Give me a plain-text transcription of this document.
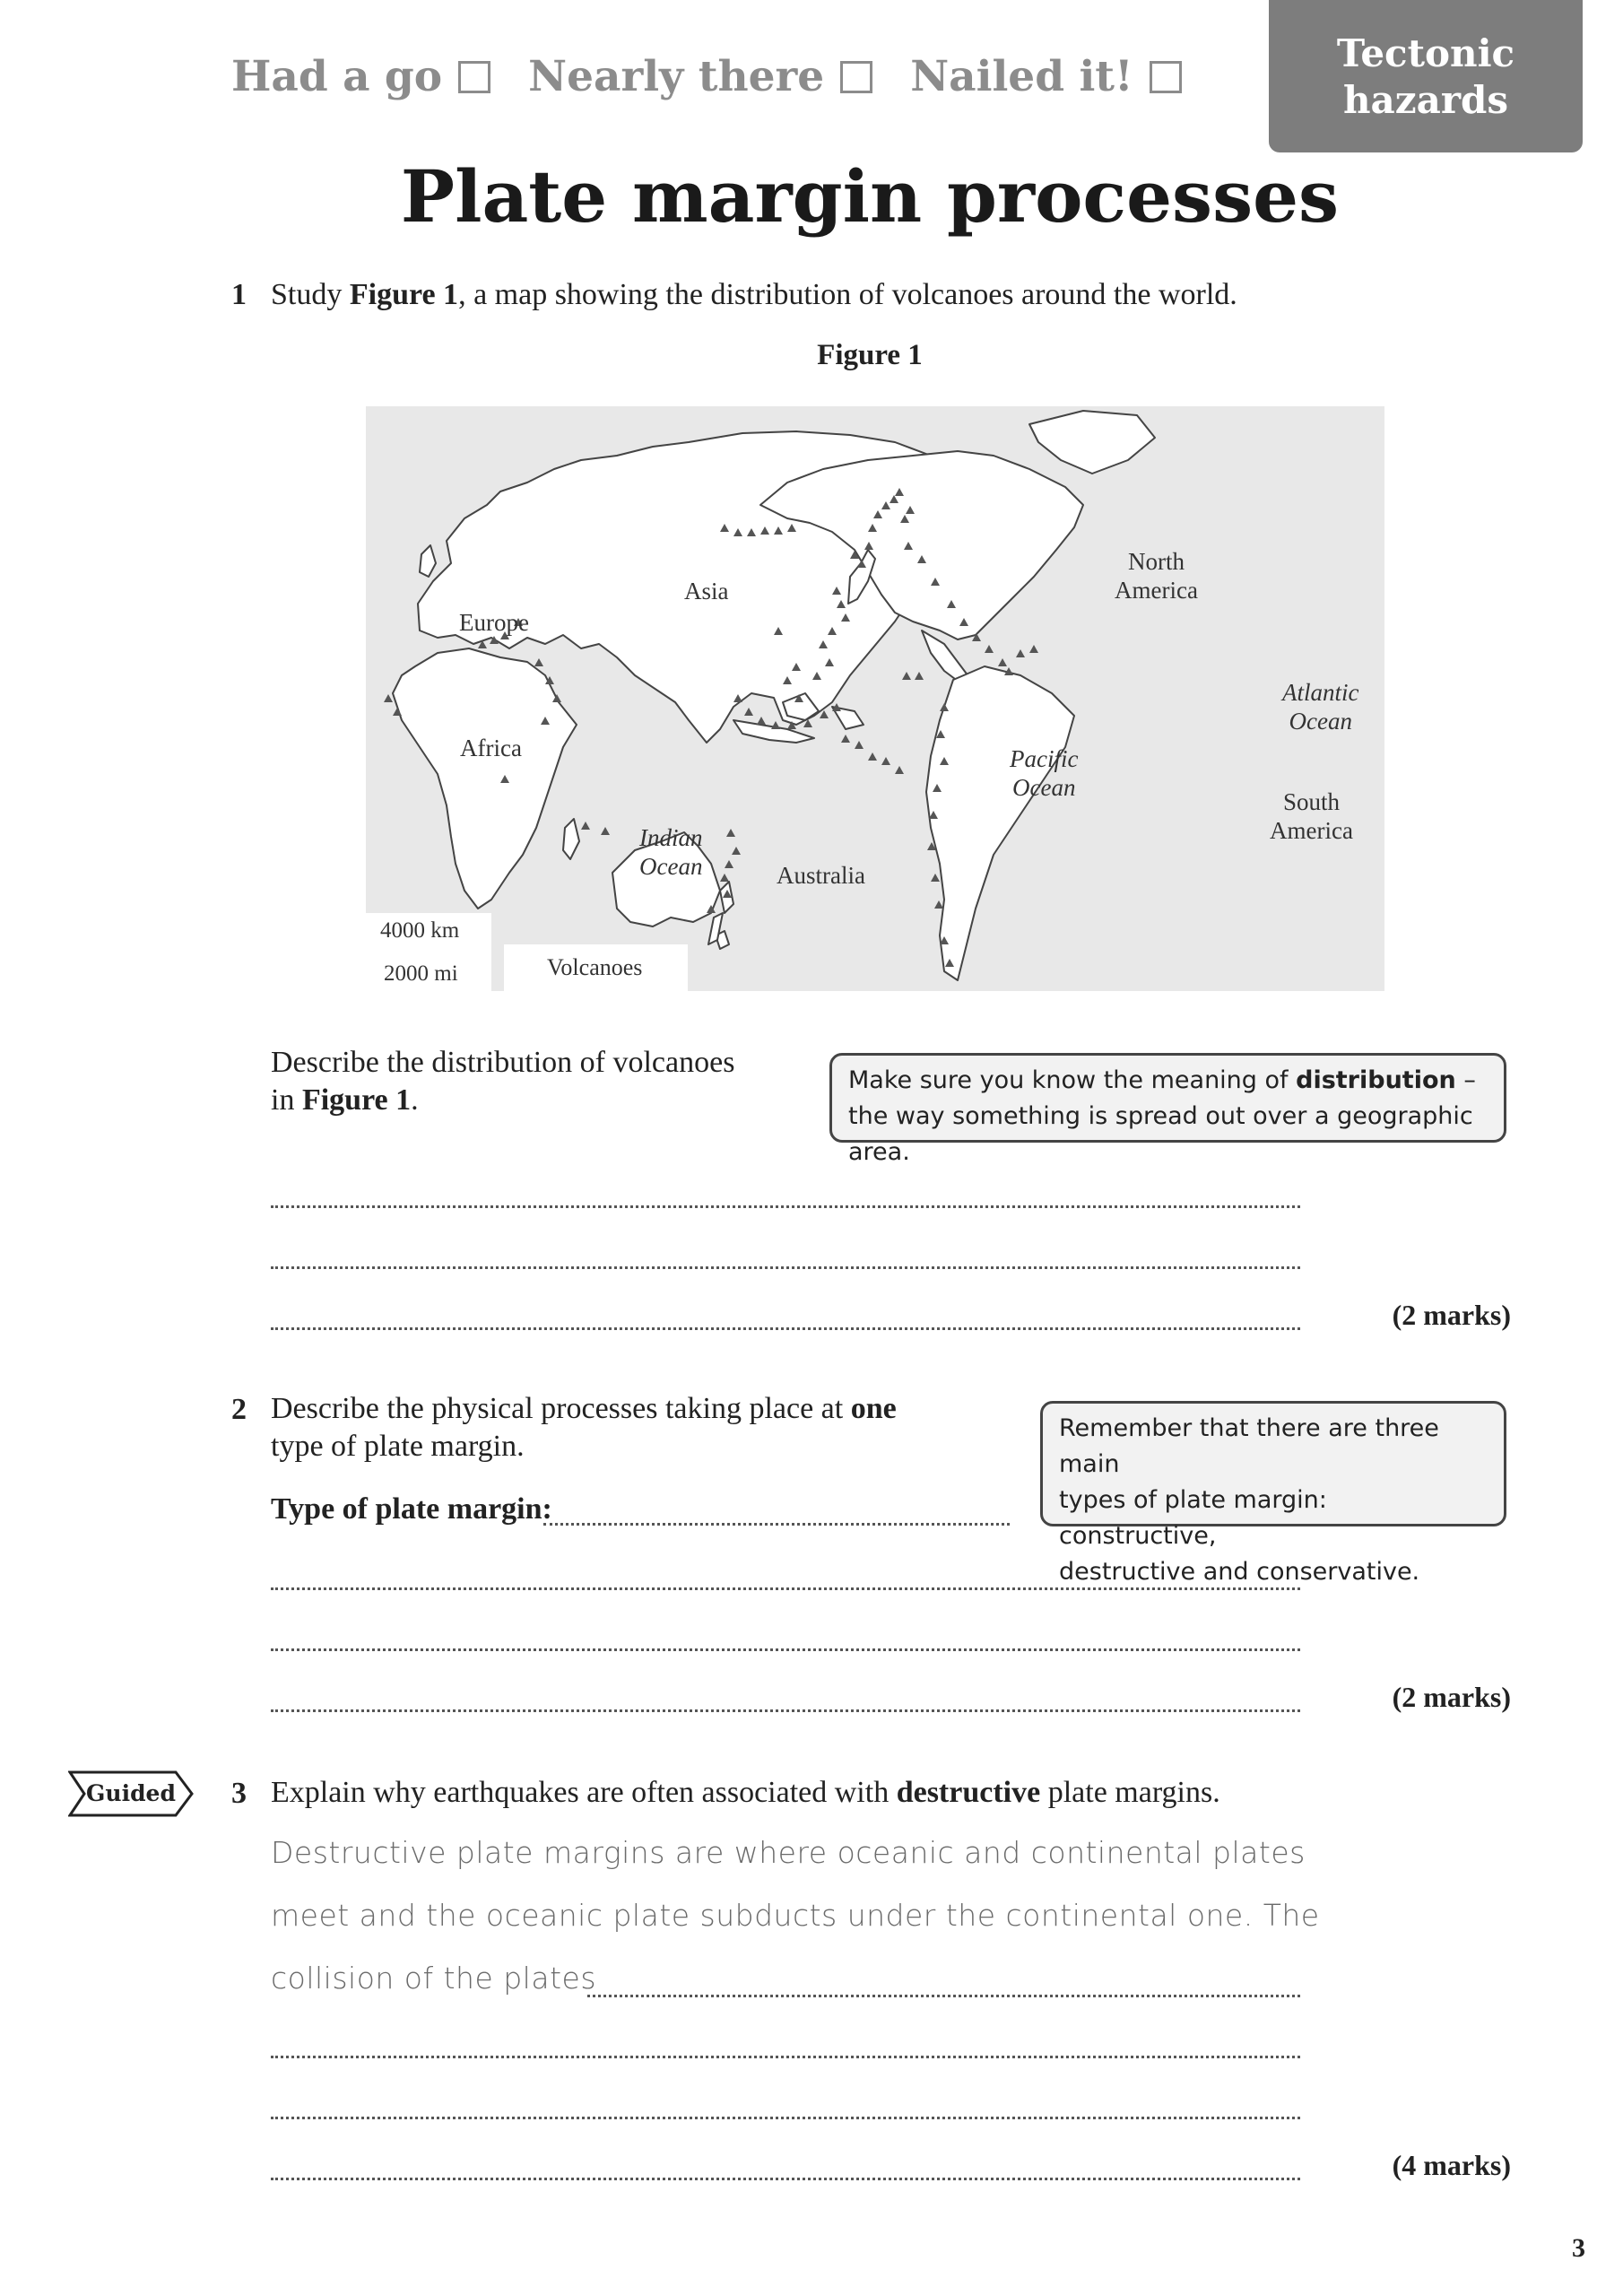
Had a go Nearly there Nailed it!	Tectonic
hazards
Plate margin processes
1 Study Figure 1, a map showing the distribution of volcanoes around the world.
Figure 1
Asia
Europe
Africa
North
America
South
America
Australia
Indian
Ocean
Pacific
Ocean
Atlantic
Ocean
4000 km
2000 mi	Volcanoes
Describe the distribution of volcanoes
in Figure 1.
Make sure you know the meaning of distribution – the way something is spread out over a geographic area.
(2 marks)
2 Describe the physical processes taking place at one
type of plate margin.
Type of plate margin:
Remember that there are three main
types of plate margin: constructive,
destructive and conservative.
(2 marks)
Guided	3 Explain why earthquakes are often associated with destructive plate margins.
Destructive plate margins are where oceanic and continental plates
meet and the oceanic plate subducts under the continental one. The
collision of the plates
(4 marks)
3
